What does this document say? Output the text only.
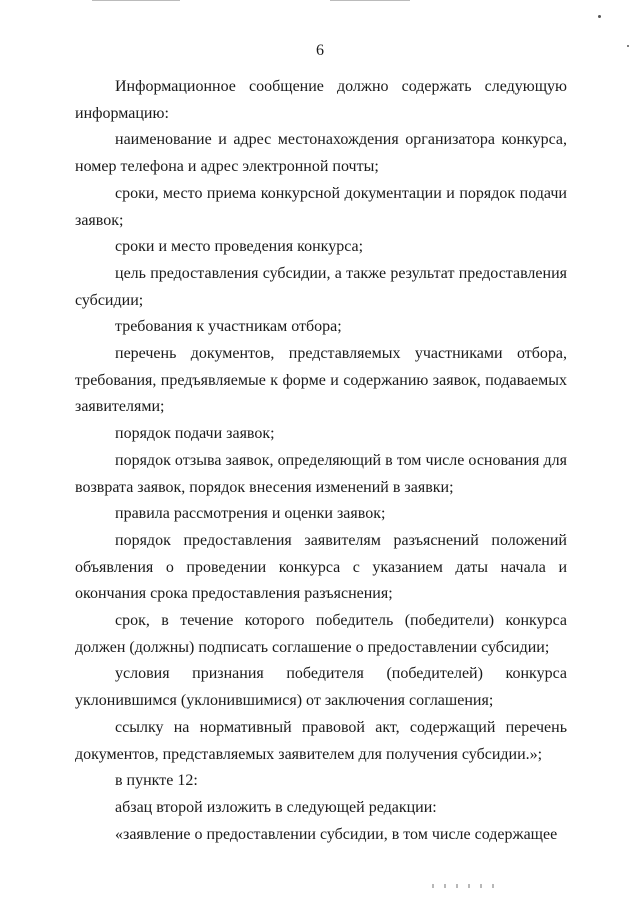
6

Информационное сообщение должно содержать следующую информацию:

наименование и адрес местонахождения организатора конкурса, номер телефона и адрес электронной почты;

сроки, место приема конкурсной документации и порядок подачи заявок;

сроки и место проведения конкурса;

цель предоставления субсидии, а также результат предоставления субсидии;

требования к участникам отбора;

перечень документов, представляемых участниками отбора, требования, предъявляемые к форме и содержанию заявок, подаваемых заявителями;

порядок подачи заявок;

порядок отзыва заявок, определяющий в том числе основания для возврата заявок, порядок внесения изменений в заявки;

правила рассмотрения и оценки заявок;

порядок предоставления заявителям разъяснений положений объявления о проведении конкурса с указанием даты начала и окончания срока предоставления разъяснения;

срок, в течение которого победитель (победители) конкурса должен (должны) подписать соглашение о предоставлении субсидии;

условия признания победителя (победителей) конкурса уклонившимся (уклонившимися) от заключения соглашения;

ссылку на нормативный правовой акт, содержащий перечень документов, представляемых заявителем для получения субсидии.»;

в пункте 12:

абзац второй изложить в следующей редакции:

«заявление о предоставлении субсидии, в том числе содержащее
